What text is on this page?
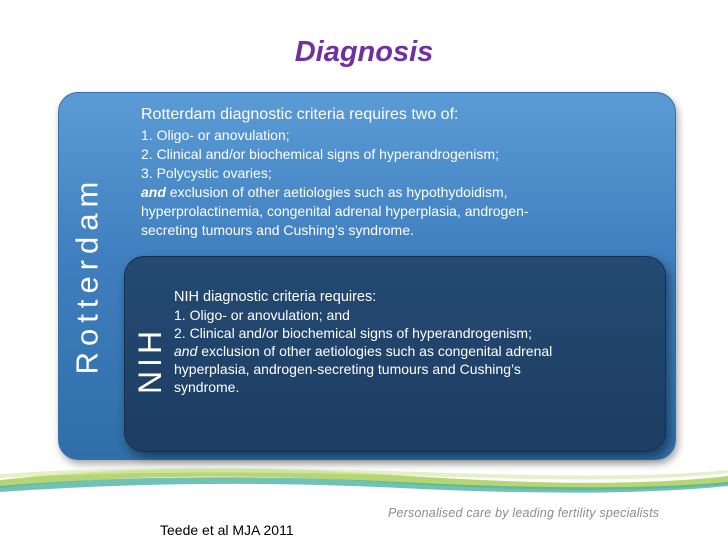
Diagnosis
Rotterdam
Rotterdam diagnostic criteria requires two of:
1. Oligo- or anovulation;
2. Clinical and/or biochemical signs of hyperandrogenism;
3. Polycystic ovaries;
and exclusion of other aetiologies such as hypothydoidism,
hyperprolactinemia, congenital adrenal hyperplasia, androgen-
secreting tumours and Cushing’s syndrome.
NIH
NIH diagnostic criteria requires:
1. Oligo- or anovulation; and
2. Clinical and/or biochemical signs of hyperandrogenism;
and exclusion of other aetiologies such as congenital adrenal
hyperplasia, androgen-secreting tumours and Cushing’s
syndrome.
Personalised care by leading fertility specialists
Teede et al MJA 2011
